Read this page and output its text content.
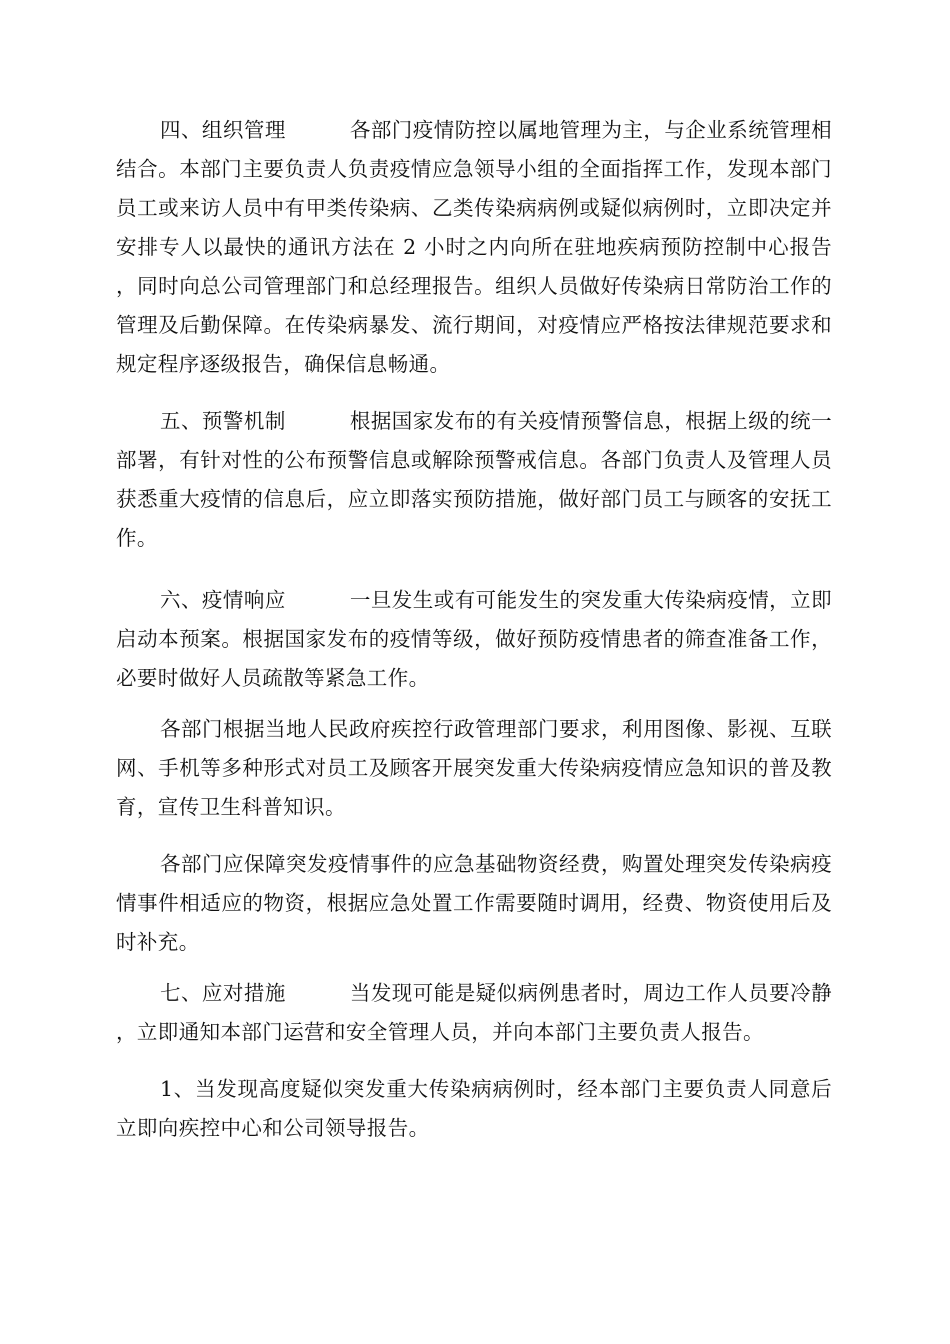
四、组织管理	各部门疫情防控以属地管理为主，与企业系统管理相结合。本部门主要负责人负责疫情应急领导小组的全面指挥工作，发现本部门员工或来访人员中有甲类传染病、乙类传染病病例或疑似病例时，立即决定并安排专人以最快的通讯方法在 2 小时之内向所在驻地疾病预防控制中心报告，同时向总公司管理部门和总经理报告。组织人员做好传染病日常防治工作的管理及后勤保障。在传染病暴发、流行期间，对疫情应严格按法律规范要求和规定程序逐级报告，确保信息畅通。

五、预警机制	根据国家发布的有关疫情预警信息，根据上级的统一部署，有针对性的公布预警信息或解除预警戒信息。各部门负责人及管理人员获悉重大疫情的信息后，应立即落实预防措施，做好部门员工与顾客的安抚工作。

六、疫情响应	一旦发生或有可能发生的突发重大传染病疫情，立即启动本预案。根据国家发布的疫情等级，做好预防疫情患者的筛查准备工作，必要时做好人员疏散等紧急工作。

各部门根据当地人民政府疾控行政管理部门要求，利用图像、影视、互联网、手机等多种形式对员工及顾客开展突发重大传染病疫情应急知识的普及教育，宣传卫生科普知识。

各部门应保障突发疫情事件的应急基础物资经费，购置处理突发传染病疫情事件相适应的物资，根据应急处置工作需要随时调用，经费、物资使用后及时补充。

七、应对措施	当发现可能是疑似病例患者时，周边工作人员要冷静，立即通知本部门运营和安全管理人员，并向本部门主要负责人报告。

1、当发现高度疑似突发重大传染病病例时，经本部门主要负责人同意后立即向疾控中心和公司领导报告。
